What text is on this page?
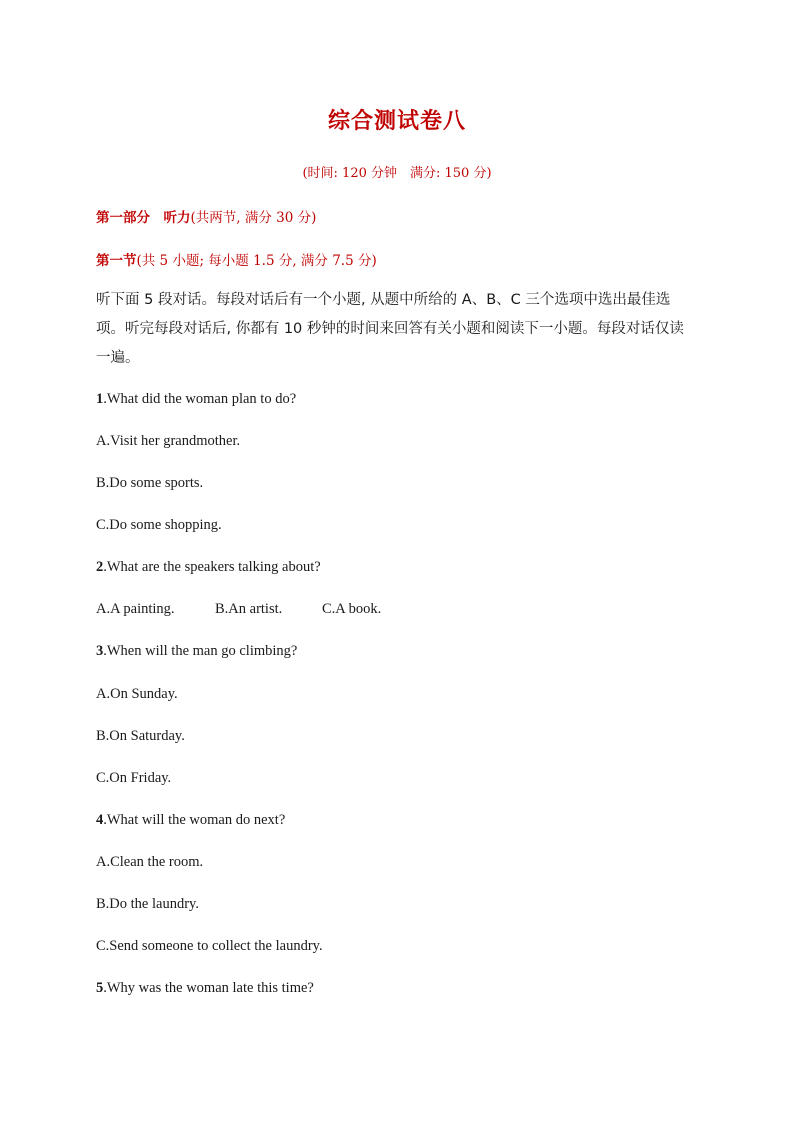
综合测试卷八
(时间: 120 分钟　满分: 150 分)
第一部分　听力(共两节, 满分 30 分)
第一节(共 5 小题; 每小题 1.5 分, 满分 7.5 分)
听下面 5 段对话。每段对话后有一个小题, 从题中所给的 A、B、C 三个选项中选出最佳选项。听完每段对话后, 你都有 10 秒钟的时间来回答有关小题和阅读下一小题。每段对话仅读一遍。
1.What did the woman plan to do?
A.Visit her grandmother.
B.Do some sports.
C.Do some shopping.
2.What are the speakers talking about?
A.A painting.	B.An artist.	C.A book.
3.When will the man go climbing?
A.On Sunday.
B.On Saturday.
C.On Friday.
4.What will the woman do next?
A.Clean the room.
B.Do the laundry.
C.Send someone to collect the laundry.
5.Why was the woman late this time?
